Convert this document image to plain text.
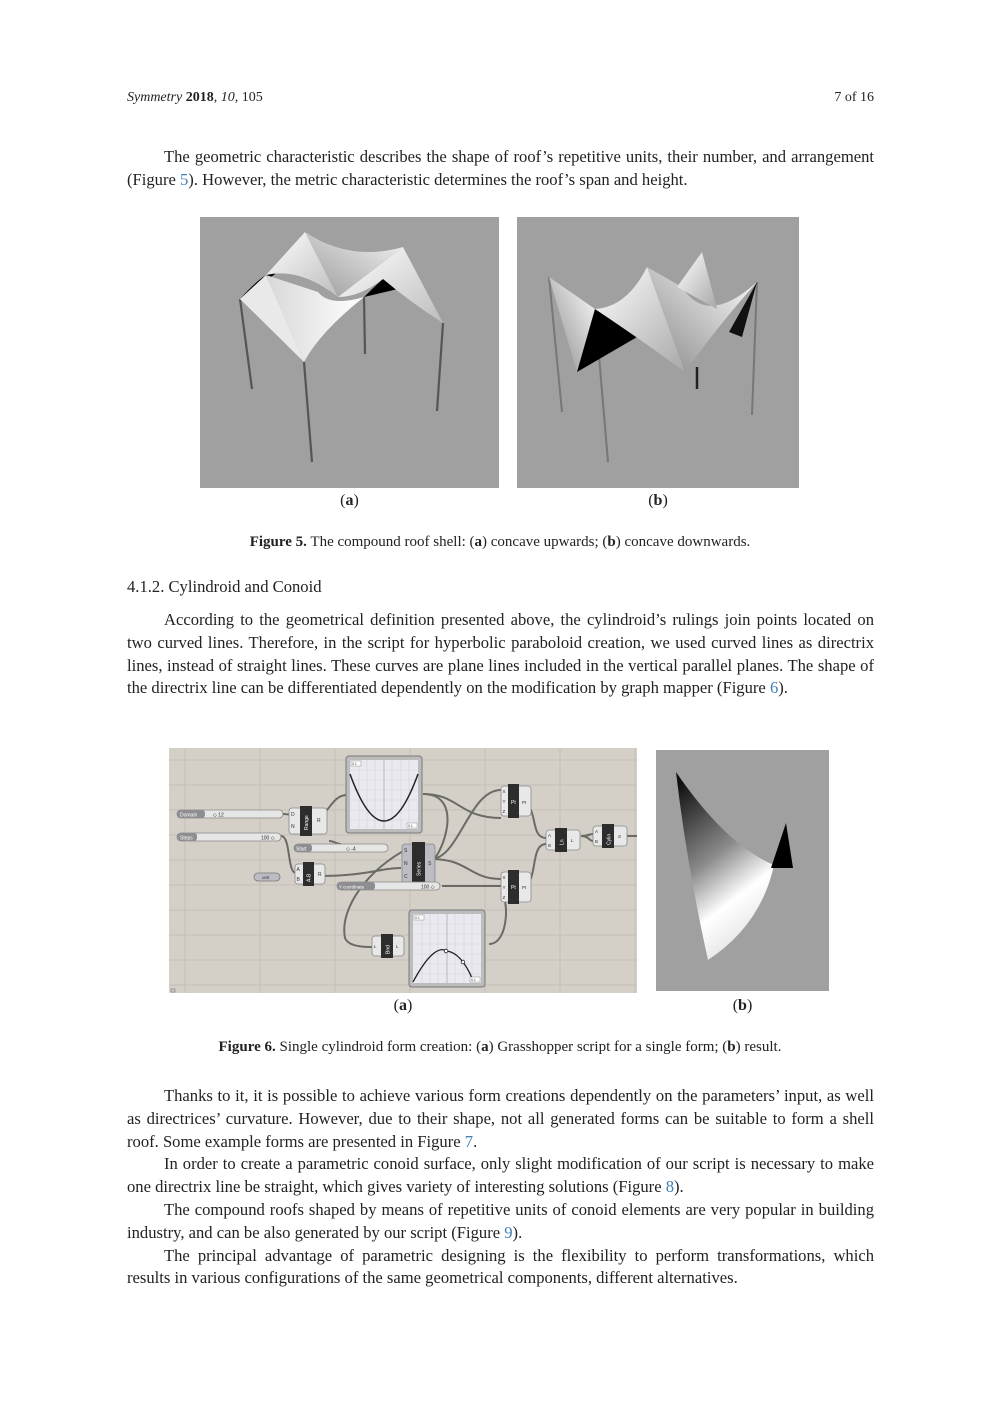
Symmetry 2018, 10, 105	7 of 16

The geometric characteristic describes the shape of roof’s repetitive units, their number, and arrangement (Figure 5). However, the metric characteristic determines the roof’s span and height.

(a)	(b)
Figure 5. The compound roof shell: (a) concave upwards; (b) concave downwards.
4.1.2. Cylindroid and Conoid

According to the geometrical definition presented above, the cylindroid’s rulings join points located on two curved lines. Therefore, in the script for hyperbolic paraboloid creation, we used curved lines as directrix lines, instead of straight lines. These curves are plane lines included in the vertical parallel planes. The shape of the directrix line can be differentiated dependently on the modification by graph mapper (Figure 6).

Domain	◇ 12
Steps	100 ◇
D
N
R
Range
0.1
0.1
Start	◇ -4
A
B
R
A-B
unit
S
N
C
S
Series
Y coordinate	100 ◇
X
Y
Z
Pt
Pt
X
Y
Z
Pt
Pt
A
B
L
Ln
A
B
S
Cylin
L	L
Bnd
0.1
0.1
(a)	(b)
Figure 6. Single cylindroid form creation: (a) Grasshopper script for a single form; (b) result.

Thanks to it, it is possible to achieve various form creations dependently on the parameters’ input, as well as directrices’ curvature. However, due to their shape, not all generated forms can be suitable to form a shell roof. Some example forms are presented in Figure 7.

In order to create a parametric conoid surface, only slight modification of our script is necessary to make one directrix line be straight, which gives variety of interesting solutions (Figure 8).

The compound roofs shaped by means of repetitive units of conoid elements are very popular in building industry, and can be also generated by our script (Figure 9).

The principal advantage of parametric designing is the flexibility to perform transformations, which results in various configurations of the same geometrical components, different alternatives.
